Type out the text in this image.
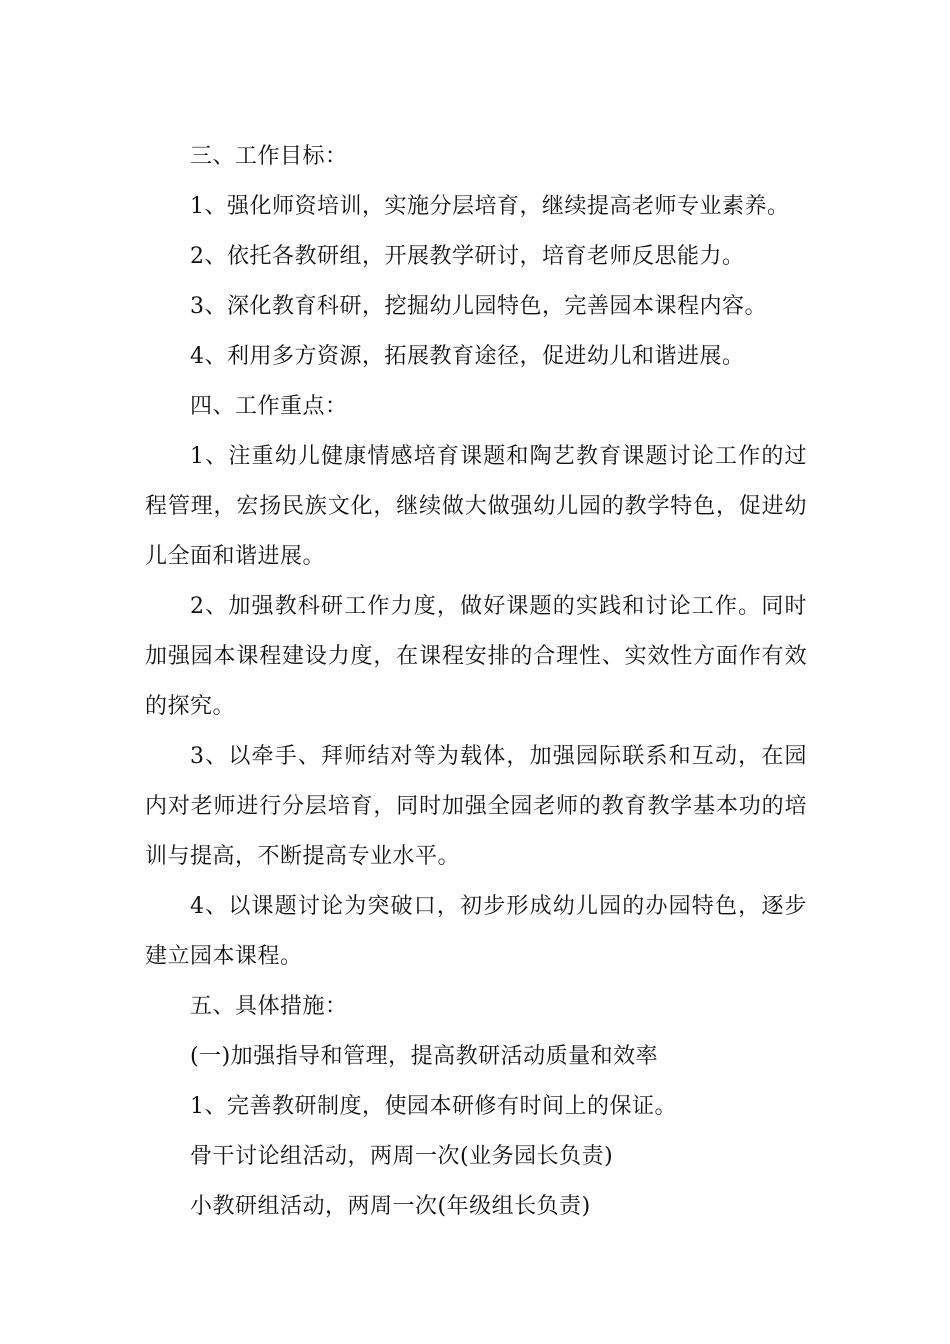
三、工作目标：

1、强化师资培训，实施分层培育，继续提高老师专业素养。

2、依托各教研组，开展教学研讨，培育老师反思能力。

3、深化教育科研，挖掘幼儿园特色，完善园本课程内容。

4、利用多方资源，拓展教育途径，促进幼儿和谐进展。

四、工作重点：

1、注重幼儿健康情感培育课题和陶艺教育课题讨论工作的过程管理，宏扬民族文化，继续做大做强幼儿园的教学特色，促进幼儿全面和谐进展。

2、加强教科研工作力度，做好课题的实践和讨论工作。同时加强园本课程建设力度，在课程安排的合理性、实效性方面作有效的探究。

3、以牵手、拜师结对等为载体，加强园际联系和互动，在园内对老师进行分层培育，同时加强全园老师的教育教学基本功的培训与提高，不断提高专业水平。

4、以课题讨论为突破口，初步形成幼儿园的办园特色，逐步建立园本课程。

五、具体措施：

(一)加强指导和管理，提高教研活动质量和效率

1、完善教研制度，使园本研修有时间上的保证。

骨干讨论组活动，两周一次(业务园长负责)

小教研组活动，两周一次(年级组长负责)
